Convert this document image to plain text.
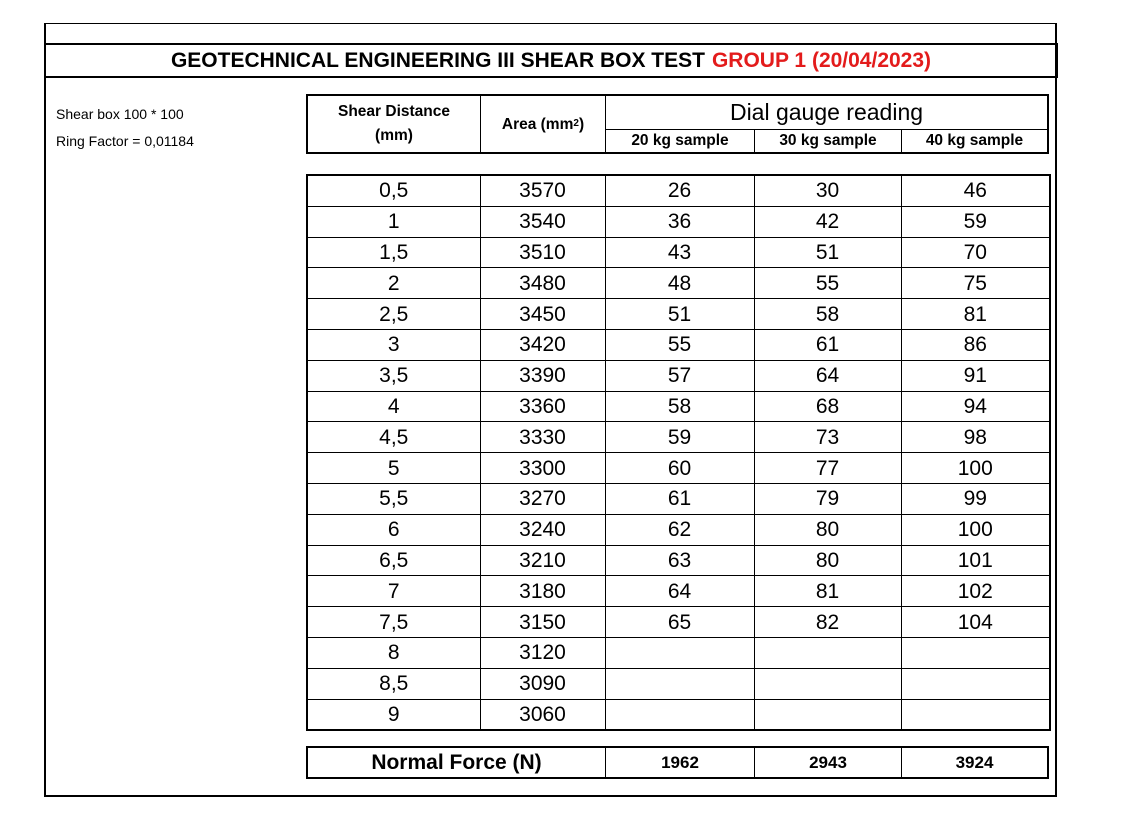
GEOTECHNICAL ENGINEERING III SHEAR BOX TEST GROUP 1 (20/04/2023)
Shear box 100 * 100
Ring Factor = 0,01184
Shear Distance
(mm)
Area ($mm^2$ )	Dial gauge reading
20 kg sample	30 kg sample	40 kg sample
0,5	3570	26	30	46
1	3540	36	42	59
1,5	3510	43	51	70
2	3480	48	55	75
2,5	3450	51	58	81
3	3420	55	61	86
3,5	3390	57	64	91
4	3360	58	68	94
4,5	3330	59	73	98
5	3300	60	77	100
5,5	3270	61	79	99
6	3240	62	80	100
6,5	3210	63	80	101
7	3180	64	81	102
7,5	3150	65	82	104
8	3120			
8,5	3090			
9	3060			
Normal Force (N)	1962	2943	3924
